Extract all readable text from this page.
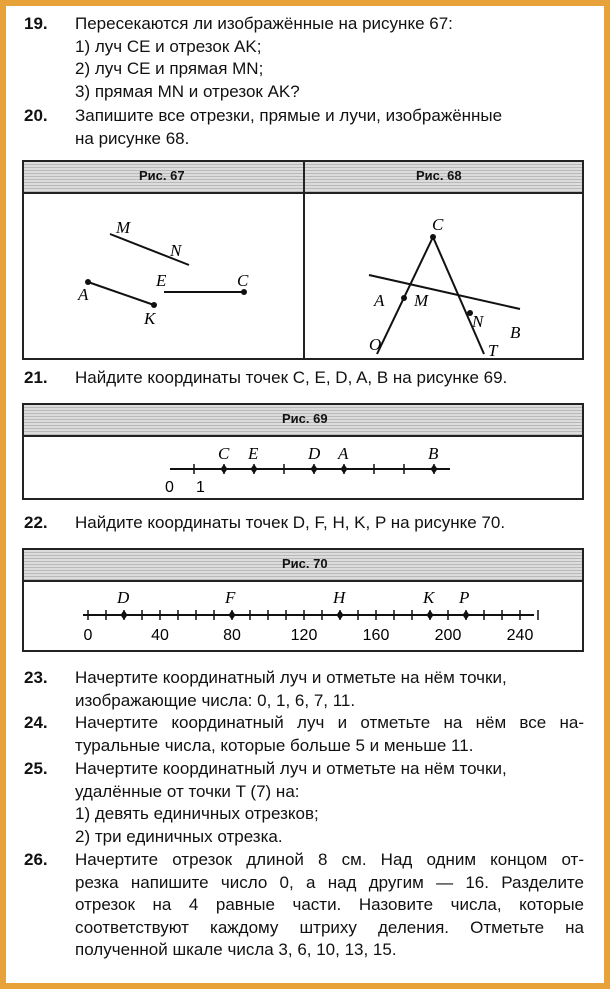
19.	Пересекаются ли изображённые на рисунке 67:
1) луч CE и отрезок AK;
2) луч CE и прямая MN;
3) прямая MN и отрезок AK?
20.	Запишите все отрезки, прямые и лучи, изображённые
на рисунке 68.
Рис. 67	Рис. 68
M
N
A
K
E	C
C
A M
N
B
O	T
21.	Найдите координаты точек C, E, D, A, B на рисунке 69.
Рис. 69
0 1
C E	D A	B
22.	Найдите координаты точек D, F, H, K, P на рисунке 70.
Рис. 70
0	40	80	120	160	200	240
D	F	H	K P
23.	Начертите координатный луч и отметьте на нём точки,
изображающие числа: 0, 1, 6, 7, 11.
24.	Начертите координатный луч и отметьте на нём все на-
туральные числа, которые больше 5 и меньше 11.
25.	Начертите координатный луч и отметьте на нём точки,
удалённые от точки T (7) на:
1) девять единичных отрезков;
2) три единичных отрезка.
26.	Начертите отрезок длиной 8 см. Над одним концом от-
резка напишите число 0, а над другим — 16. Разделите
отрезок на 4 равные части. Назовите числа, которые
соответствуют каждому штриху деления. Отметьте на
полученной шкале числа 3, 6, 10, 13, 15.
